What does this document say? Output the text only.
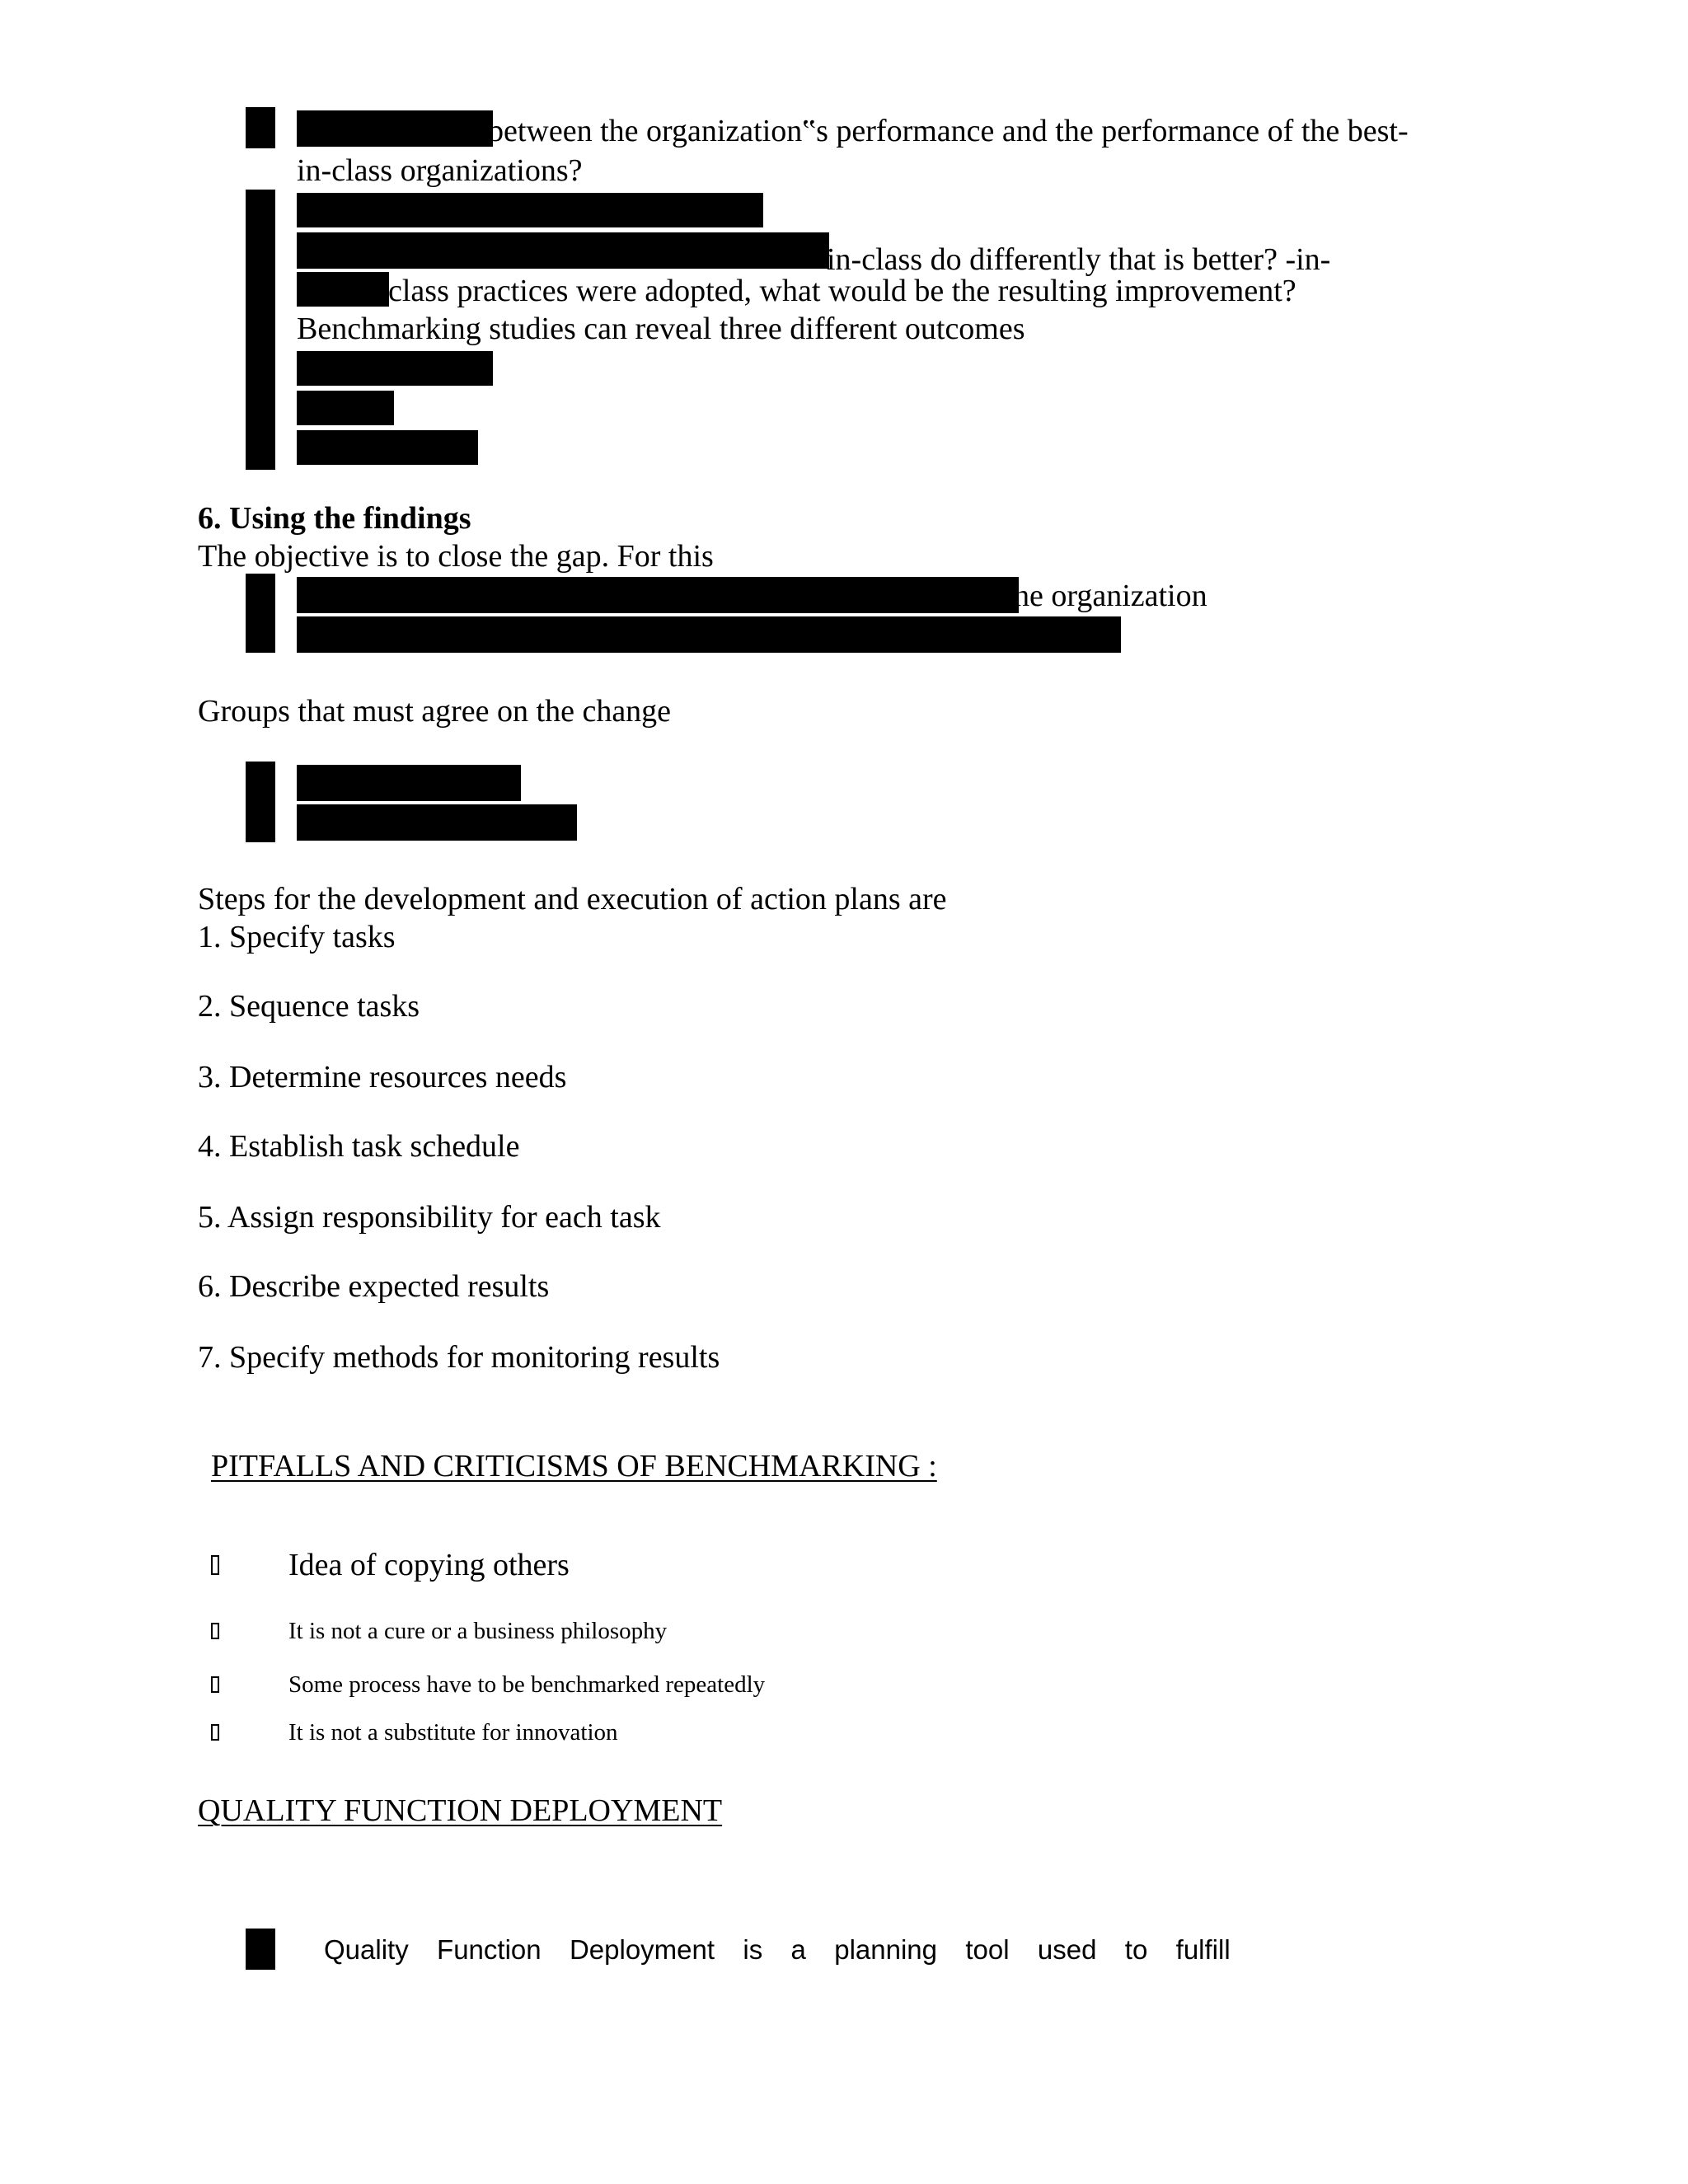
between the organization‟s performance and the performance of the best-
in-class organizations?
in-class do differently that is better? -in-
class practices were adopted, what would be the resulting improvement?
Benchmarking studies can reveal three different outcomes
6. Using the findings
The objective is to close the gap. For this
he organization
Groups that must agree on the change
Steps for the development and execution of action plans are
1. Specify tasks
2. Sequence tasks
3. Determine resources needs
4. Establish task schedule
5. Assign responsibility for each task
6. Describe expected results
7. Specify methods for monitoring results
PITFALLS AND CRITICISMS OF BENCHMARKING :
Idea of copying others
It is not a cure or a business philosophy
Some process have to be benchmarked repeatedly
It is not a substitute for innovation
QUALITY FUNCTION DEPLOYMENT
Quality  Function  Deployment  is  a  planning  tool  used  to  fulfill
